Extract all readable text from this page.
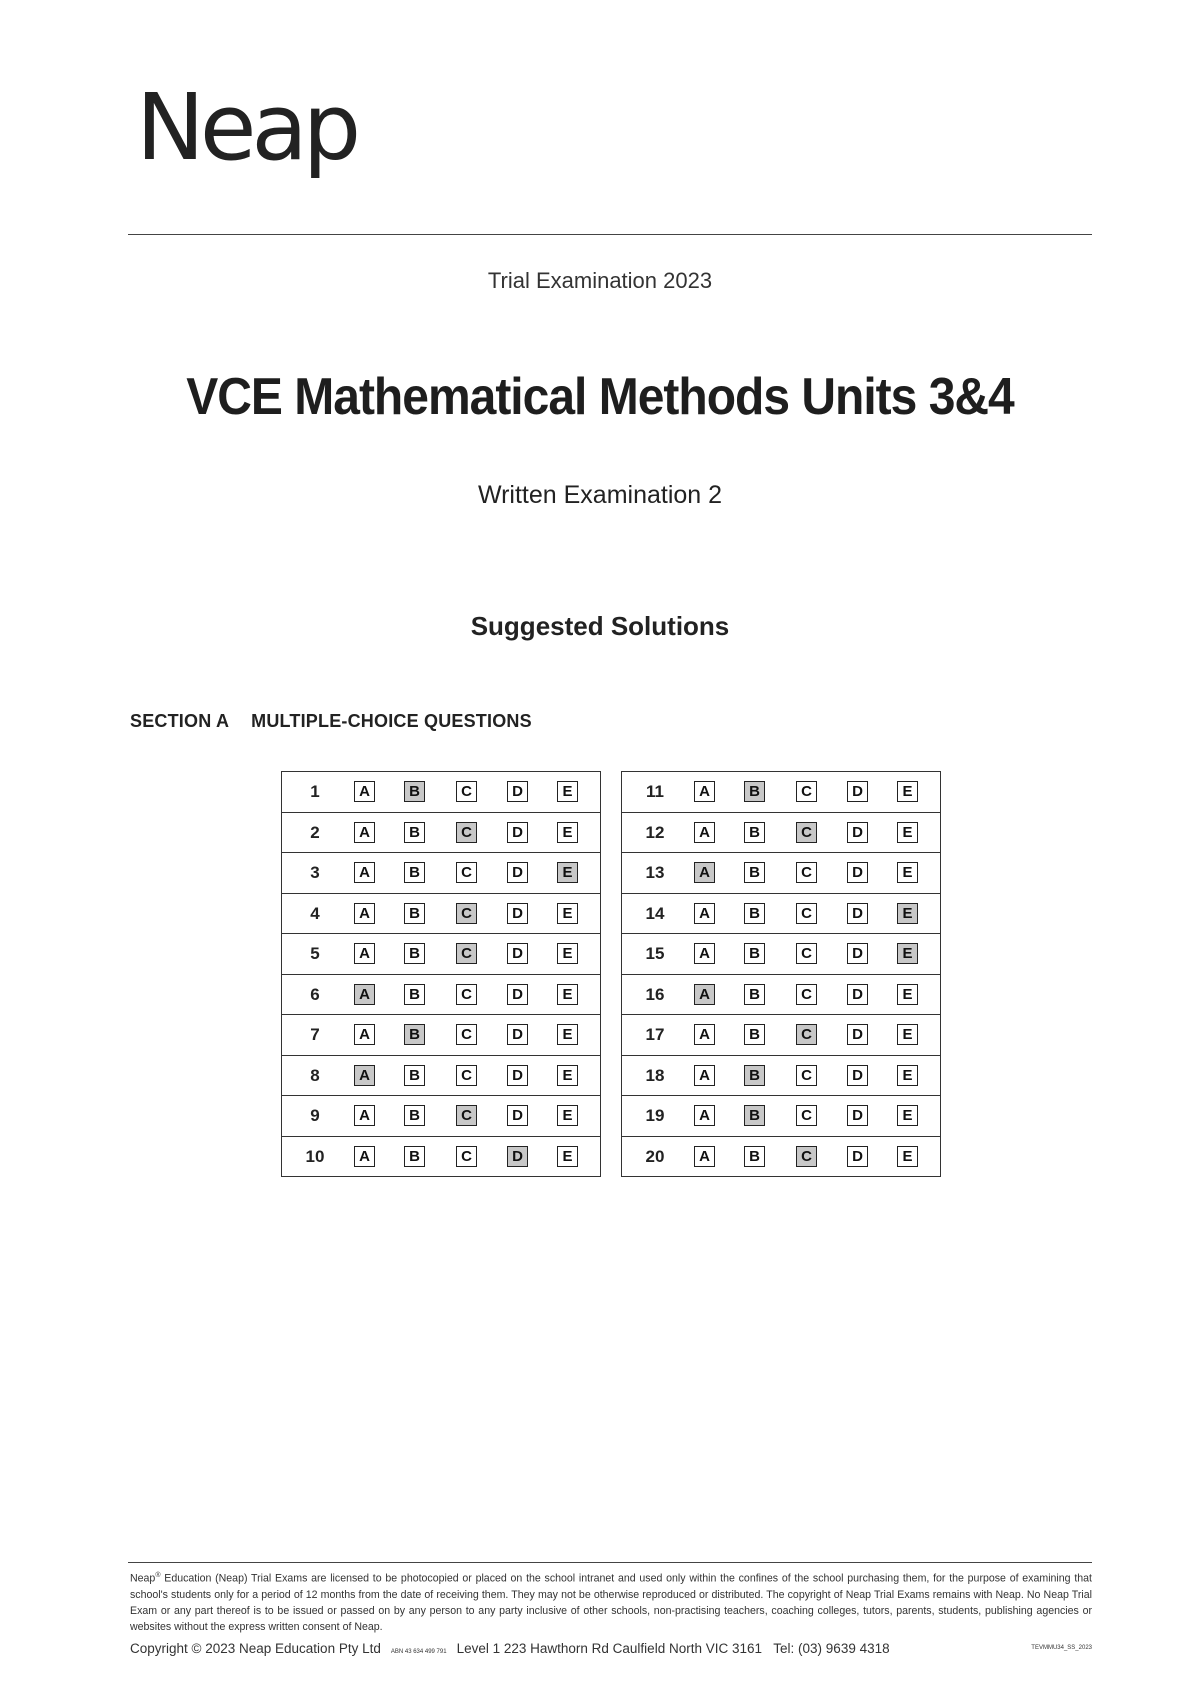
Neap
Trial Examination 2023
VCE Mathematical Methods Units 3&4
Written Examination 2
Suggested Solutions
SECTION A MULTIPLE-CHOICE QUESTIONS
1	A	B	C	D	E
2	A	B	C	D	E
3	A	B	C	D	E
4	A	B	C	D	E
5	A	B	C	D	E
6	A	B	C	D	E
7	A	B	C	D	E
8	A	B	C	D	E
9	A	B	C	D	E
10	A	B	C	D	E
11	A	B	C	D	E
12	A	B	C	D	E
13	A	B	C	D	E
14	A	B	C	D	E
15	A	B	C	D	E
16	A	B	C	D	E
17	A	B	C	D	E
18	A	B	C	D	E
19	A	B	C	D	E
20	A	B	C	D	E
Neap® Education (Neap) Trial Exams are licensed to be photocopied or placed on the school intranet and used only within the confines of the school purchasing them, for the purpose of examining that school's students only for a period of 12 months from the date of receiving them. They may not be otherwise reproduced or distributed. The copyright of Neap Trial Exams remains with Neap. No Neap Trial Exam or any part thereof is to be issued or passed on by any person to any party inclusive of other schools, non-practising teachers, coaching colleges, tutors, parents, students, publishing agencies or websites without the express written consent of Neap.
Copyright © 2023 Neap Education Pty Ltd ABN 43 634 499 791 Level 1 223 Hawthorn Rd Caulfield North VIC 3161 Tel: (03) 9639 4318	TEVMMU34_SS_2023
